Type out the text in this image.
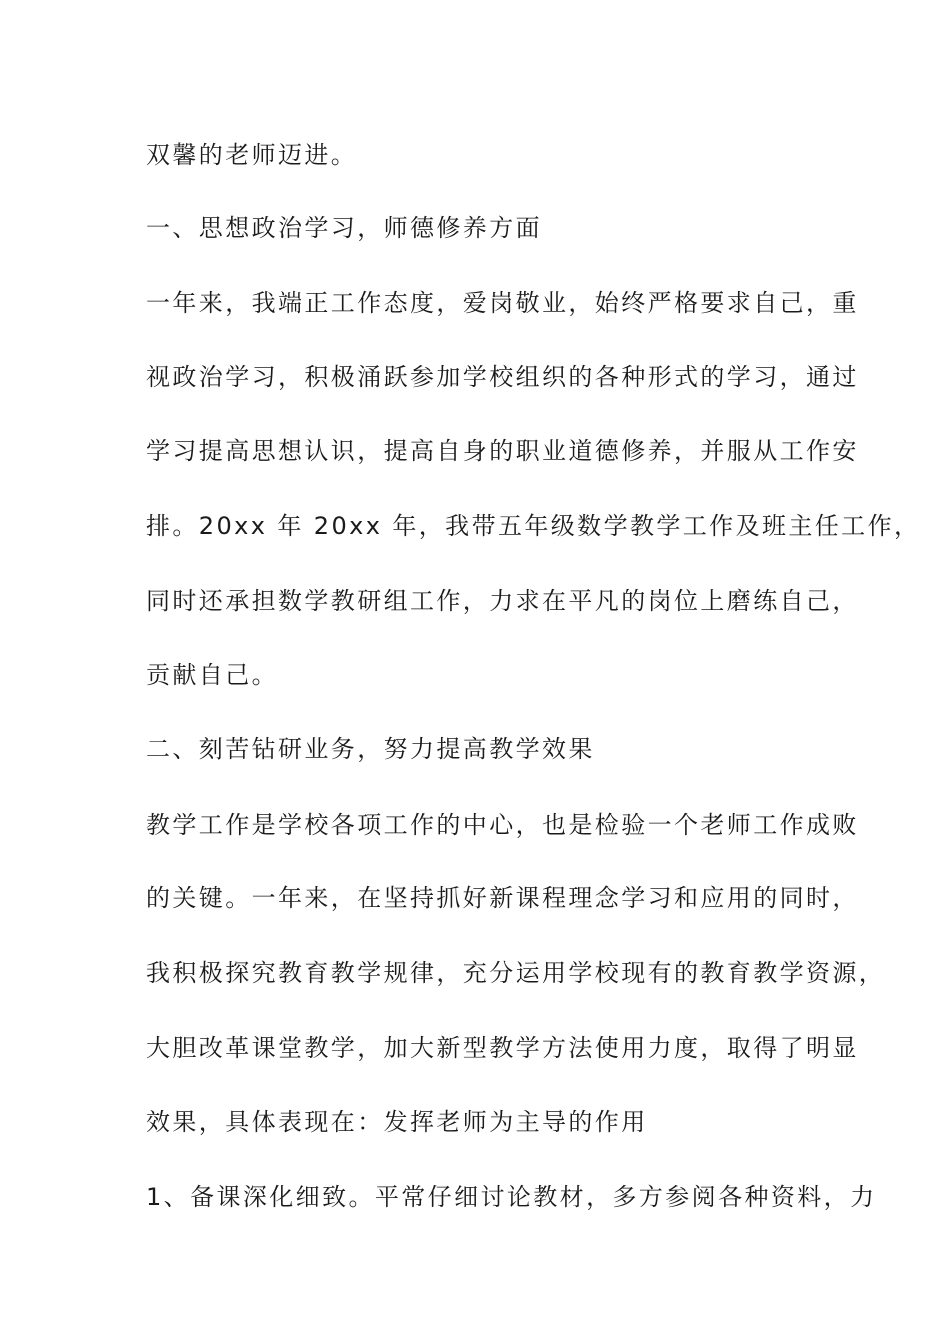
双馨的老师迈进。
一、思想政治学习，师德修养方面
一年来，我端正工作态度，爱岗敬业，始终严格要求自己，重
视政治学习，积极涌跃参加学校组织的各种形式的学习，通过
学习提高思想认识，提高自身的职业道德修养，并服从工作安
排。20xx 年 20xx 年，我带五年级数学教学工作及班主任工作，
同时还承担数学教研组工作，力求在平凡的岗位上磨练自己，
贡献自己。
二、刻苦钻研业务，努力提高教学效果
教学工作是学校各项工作的中心，也是检验一个老师工作成败
的关键。一年来，在坚持抓好新课程理念学习和应用的同时，
我积极探究教育教学规律，充分运用学校现有的教育教学资源，
大胆改革课堂教学，加大新型教学方法使用力度，取得了明显
效果，具体表现在：发挥老师为主导的作用
1、备课深化细致。平常仔细讨论教材，多方参阅各种资料，力
